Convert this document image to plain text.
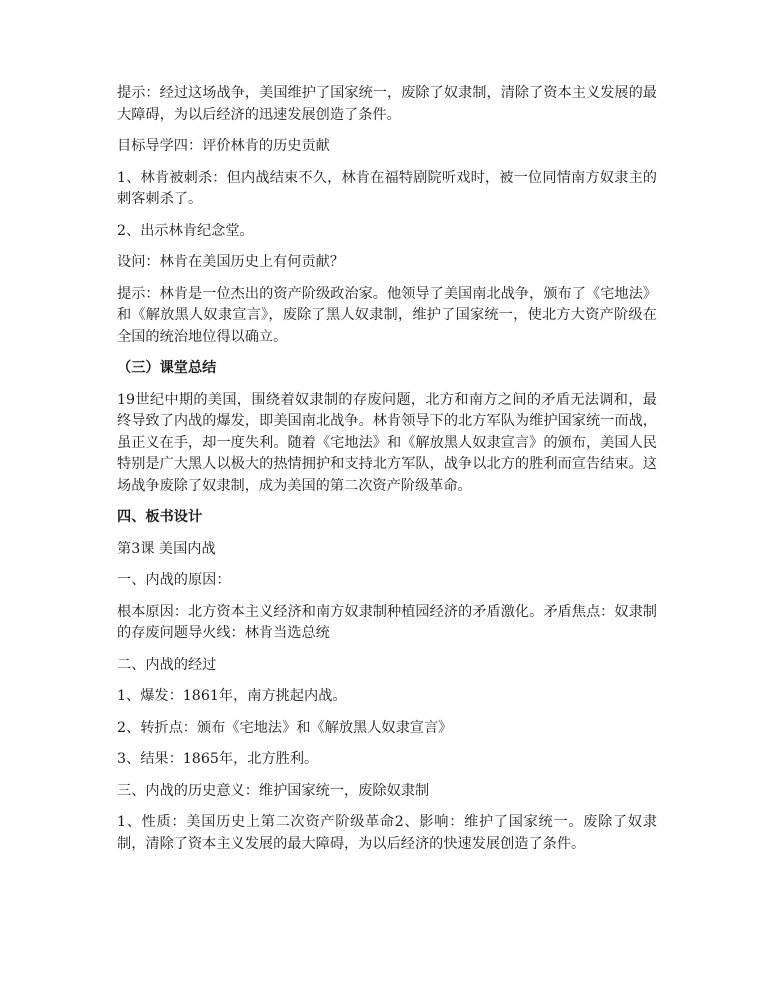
提示：经过这场战争，美国维护了国家统一，废除了奴隶制，清除了资本主义发展的最大障碍，为以后经济的迅速发展创造了条件。

目标导学四：评价林肯的历史贡献

1、林肯被刺杀：但内战结束不久，林肯在福特剧院听戏时，被一位同情南方奴隶主的刺客刺杀了。

2、出示林肯纪念堂。

设问：林肯在美国历史上有何贡献？

提示：林肯是一位杰出的资产阶级政治家。他领导了美国南北战争，颁布了《宅地法》和《解放黑人奴隶宣言》，废除了黑人奴隶制，维护了国家统一，使北方大资产阶级在全国的统治地位得以确立。

（三）课堂总结

19世纪中期的美国，围绕着奴隶制的存废问题，北方和南方之间的矛盾无法调和，最终导致了内战的爆发，即美国南北战争。林肯领导下的北方军队为维护国家统一而战，虽正义在手，却一度失利。随着《宅地法》和《解放黑人奴隶宣言》的颁布，美国人民特别是广大黑人以极大的热情拥护和支持北方军队，战争以北方的胜利而宣告结束。这场战争废除了奴隶制，成为美国的第二次资产阶级革命。

四、板书设计

第3课 美国内战

一、内战的原因：

根本原因：北方资本主义经济和南方奴隶制种植园经济的矛盾激化。矛盾焦点：奴隶制的存废问题导火线：林肯当选总统

二、内战的经过

1、爆发：1861年，南方挑起内战。

2、转折点：颁布《宅地法》和《解放黑人奴隶宣言》

3、结果：1865年，北方胜利。

三、内战的历史意义：维护国家统一，废除奴隶制

1、性质：美国历史上第二次资产阶级革命2、影响：维护了国家统一。废除了奴隶制，清除了资本主义发展的最大障碍，为以后经济的快速发展创造了条件。
